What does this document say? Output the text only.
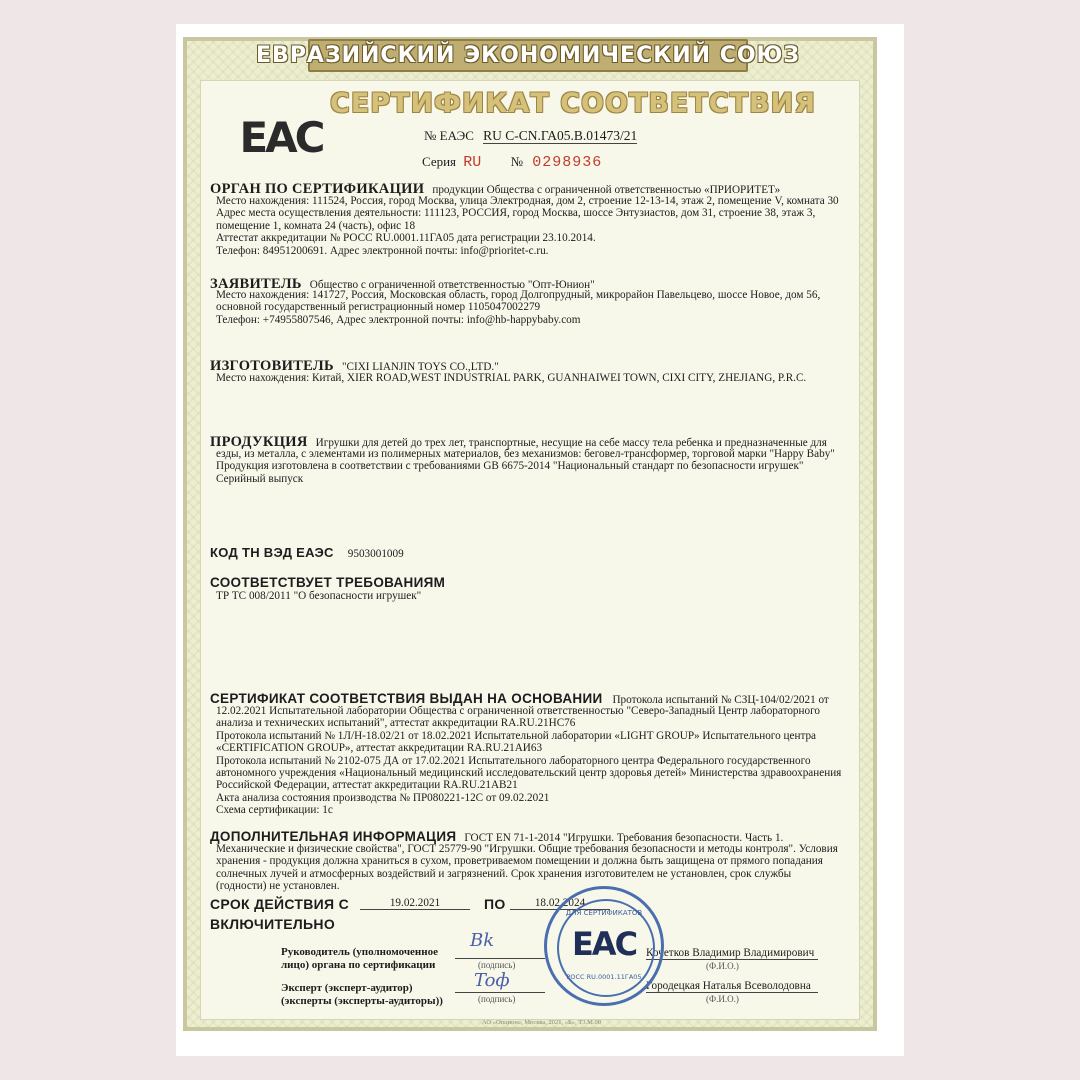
ЕВРАЗИЙСКИЙ ЭКОНОМИЧЕСКИЙ СОЮЗ
СЕРТИФИКАТ СООТВЕТСТВИЯ
EAC	№ ЕАЭС RU С-CN.ГА05.В.01473/21
Серия RU № 0298936
ОРГАН ПО СЕРТИФИКАЦИИ продукции Общества с ограниченной ответственностью «ПРИОРИТЕТ»
Место нахождения: 111524, Россия, город Москва, улица Электродная, дом 2, строение 12-13-14, этаж 2, помещение V, комната 30
Адрес места осуществления деятельности: 111123, РОССИЯ, город Москва, шоссе Энтузиастов, дом 31, строение 38, этаж 3,
помещение 1, комната 24 (часть), офис 18
Аттестат аккредитации № РОСС RU.0001.11ГА05 дата регистрации 23.10.2014.
Телефон: 84951200691. Адрес электронной почты: info@prioritet-c.ru.
ЗАЯВИТЕЛЬ Общество с ограниченной ответственностью "Опт-Юнион"
Место нахождения: 141727, Россия, Московская область, город Долгопрудный, микрорайон Павельцево, шоссе Новое, дом 56,
основной государственный регистрационный номер 1105047002279
Телефон: +74955807546, Адрес электронной почты: info@hb-happybaby.com
ИЗГОТОВИТЕЛЬ "CIXI LIANJIN TOYS CO.,LTD."
Место нахождения: Китай, XIER ROAD,WEST INDUSTRIAL PARK, GUANHAIWEI TOWN, CIXI CITY, ZHEJIANG, P.R.C.
ПРОДУКЦИЯ Игрушки для детей до трех лет, транспортные, несущие на себе массу тела ребенка и предназначенные для
езды, из металла, с элементами из полимерных материалов, без механизмов: беговел-трансформер, торговой марки "Happy Baby"
Продукция изготовлена в соответствии с требованиями GB 6675-2014 "Национальный стандарт по безопасности игрушек"
Серийный выпуск
КОД ТН ВЭД ЕАЭС 9503001009
СООТВЕТСТВУЕТ ТРЕБОВАНИЯМ
ТР ТС 008/2011 "О безопасности игрушек"
СЕРТИФИКАТ СООТВЕТСТВИЯ ВЫДАН НА ОСНОВАНИИ Протокола испытаний № СЗЦ-104/02/2021 от
12.02.2021 Испытательной лаборатории Общества с ограниченной ответственностью "Северо-Западный Центр лабораторного
анализа и технических испытаний", аттестат аккредитации RA.RU.21НС76
Протокола испытаний № 1Л/Н-18.02/21 от 18.02.2021 Испытательной лаборатории «LIGHT GROUP» Испытательного центра
«CERTIFICATION GROUP», аттестат аккредитации RA.RU.21АИ63
Протокола испытаний № 2102-075 ДА от 17.02.2021 Испытательного лабораторного центра Федерального государственного
автономного учреждения «Национальный медицинский исследовательский центр здоровья детей» Министерства здравоохранения
Российской Федерации, аттестат аккредитации RA.RU.21АВ21
Акта анализа состояния производства № ПР080221-12С от 09.02.2021
Схема сертификации: 1с
ДОПОЛНИТЕЛЬНАЯ ИНФОРМАЦИЯ ГОСТ EN 71-1-2014 "Игрушки. Требования безопасности. Часть 1.
Механические и физические свойства", ГОСТ 25779-90 "Игрушки. Общие требования безопасности и методы контроля". Условия
хранения - продукция должна храниться в сухом, проветриваемом помещении и должна быть защищена от прямого попадания
солнечных лучей и атмосферных воздействий и загрязнений. Срок хранения изготовителем не установлен, срок службы
(годности) не установлен.
СРОК ДЕЙСТВИЯ С
ВКЛЮЧИТЕЛЬНО
19.02.2021	ПО	18.02.2024
Руководитель (уполномоченное
лицо) органа по сертификации
Эксперт (эксперт-аудитор)
(эксперты (эксперты-аудиторы))
Вk
Toф
(подпись)
(подпись)
Кочетков Владимир Владимирович
(Ф.И.О.)
Городецкая Наталья Всеволодовна
(Ф.И.О.)
ДЛЯ СЕРТИФИКАТОВ
EAC
РОСС RU.0001.11ГА05
АО «Опцион», Москва, 2021, «Б», Т3.М.00
